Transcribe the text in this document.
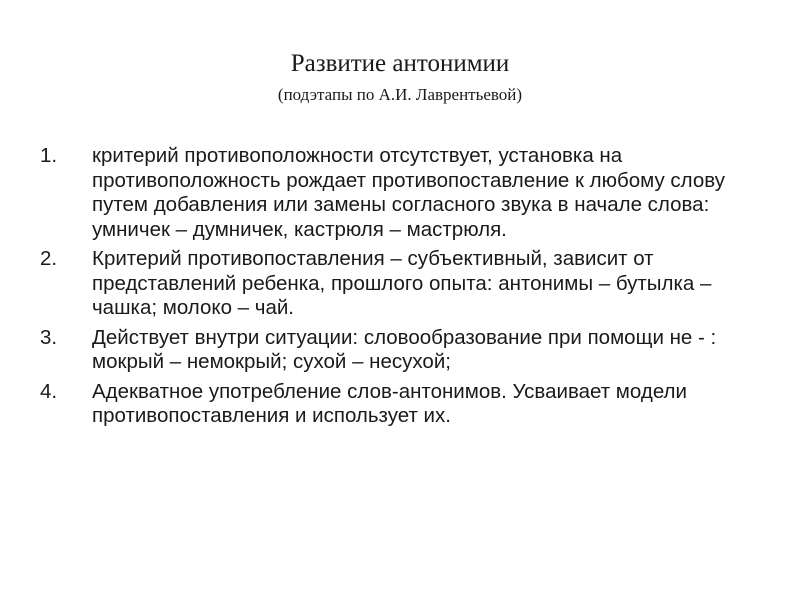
Развитие антонимии
(подэтапы по А.И. Лаврентьевой)
1.	критерий противоположности отсутствует, установка на противоположность рождает противопоставление к любому слову путем добавления или замены согласного звука в начале слова: умничек – думничек, кастрюля – мастрюля.
2.	Критерий противопоставления – субъективный, зависит от представлений ребенка, прошлого опыта: антонимы – бутылка – чашка; молоко – чай.
3.	Действует внутри ситуации: словообразование при помощи не - : мокрый – немокрый; сухой – несухой;
4.	Адекватное употребление слов-антонимов. Усваивает модели противопоставления и использует их.
